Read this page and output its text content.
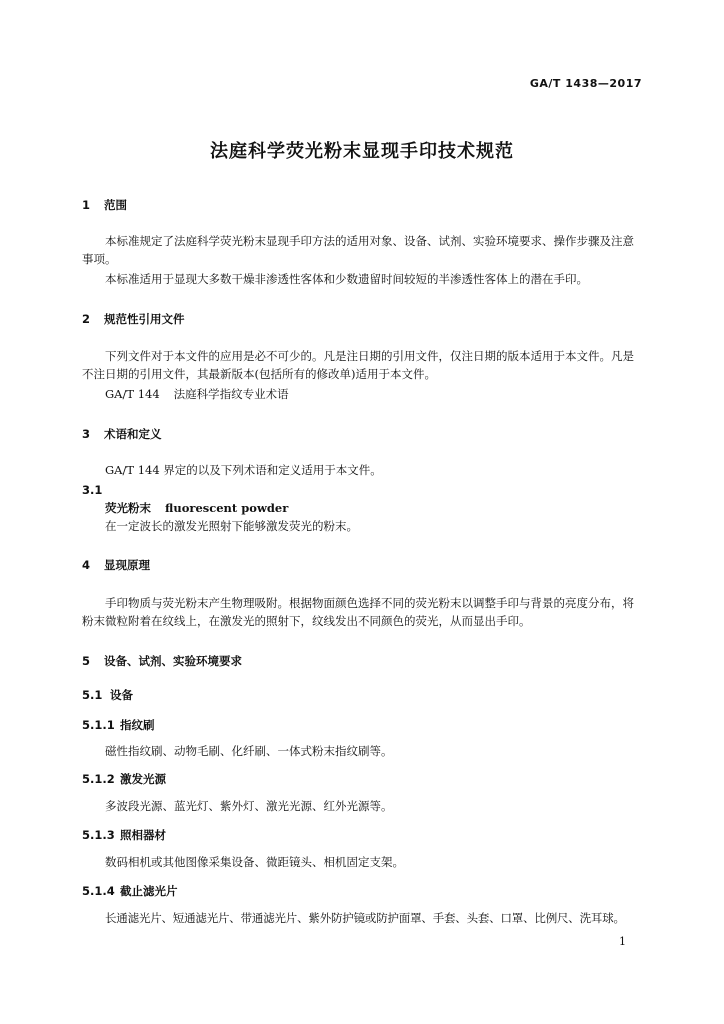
GA/T 1438—2017
法庭科学荧光粉末显现手印技术规范
1 范围
本标准规定了法庭科学荧光粉末显现手印方法的适用对象、设备、试剂、实验环境要求、操作步骤及注意事项。
本标准适用于显现大多数干燥非渗透性客体和少数遗留时间较短的半渗透性客体上的潜在手印。
2 规范性引用文件
下列文件对于本文件的应用是必不可少的。凡是注日期的引用文件，仅注日期的版本适用于本文件。凡是不注日期的引用文件，其最新版本(包括所有的修改单)适用于本文件。
GA/T 144 法庭科学指纹专业术语
3 术语和定义
GA/T 144 界定的以及下列术语和定义适用于本文件。
3.1
荧光粉末 fluorescent powder
在一定波长的激发光照射下能够激发荧光的粉末。
4 显现原理
手印物质与荧光粉末产生物理吸附。根据物面颜色选择不同的荧光粉末以调整手印与背景的亮度分布，将粉末微粒附着在纹线上，在激发光的照射下，纹线发出不同颜色的荧光，从而显出手印。
5 设备、试剂、实验环境要求
5.1 设备
5.1.1 指纹刷
磁性指纹刷、动物毛刷、化纤刷、一体式粉末指纹刷等。
5.1.2 激发光源
多波段光源、蓝光灯、紫外灯、激光光源、红外光源等。
5.1.3 照相器材
数码相机或其他图像采集设备、微距镜头、相机固定支架。
5.1.4 截止滤光片
长通滤光片、短通滤光片、带通滤光片、紫外防护镜或防护面罩、手套、头套、口罩、比例尺、洗耳球。
1
